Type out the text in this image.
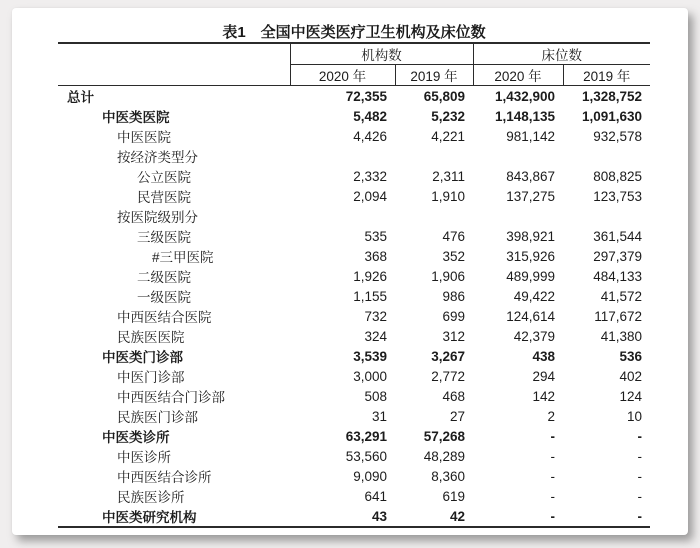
表1　全国中医类医疗卫生机构及床位数
	机构数		床位数	
	2020 年	2019 年	2020 年	2019 年
总计	72,355	65,809	1,432,900	1,328,752
中医类医院	5,482	5,232	1,148,135	1,091,630
中医医院	4,426	4,221	981,142	932,578
按经济类型分				
公立医院	2,332	2,311	843,867	808,825
民营医院	2,094	1,910	137,275	123,753
按医院级别分				
三级医院	535	476	398,921	361,544
#三甲医院	368	352	315,926	297,379
二级医院	1,926	1,906	489,999	484,133
一级医院	1,155	986	49,422	41,572
中西医结合医院	732	699	124,614	117,672
民族医医院	324	312	42,379	41,380
中医类门诊部	3,539	3,267	438	536
中医门诊部	3,000	2,772	294	402
中西医结合门诊部	508	468	142	124
民族医门诊部	31	27	2	10
中医类诊所	63,291	57,268	-	-
中医诊所	53,560	48,289	-	-
中西医结合诊所	9,090	8,360	-	-
民族医诊所	641	619	-	-
中医类研究机构	43	42	-	-
